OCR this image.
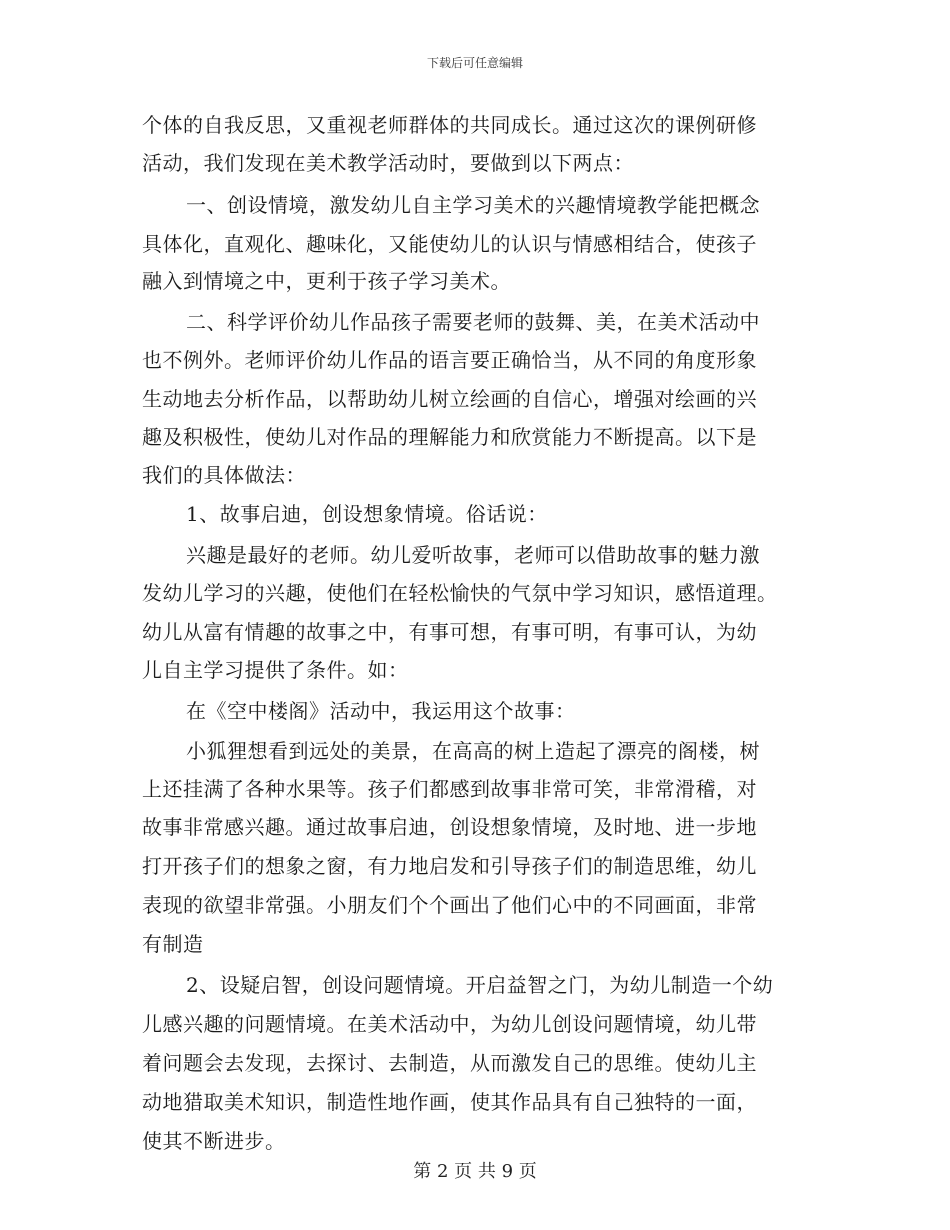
下载后可任意编辑
个体的自我反思，又重视老师群体的共同成长。通过这次的课例研修
活动，我们发现在美术教学活动时，要做到以下两点：
一、创设情境，激发幼儿自主学习美术的兴趣情境教学能把概念
具体化，直观化、趣味化，又能使幼儿的认识与情感相结合，使孩子
融入到情境之中，更利于孩子学习美术。
二、科学评价幼儿作品孩子需要老师的鼓舞、美，在美术活动中
也不例外。老师评价幼儿作品的语言要正确恰当，从不同的角度形象
生动地去分析作品，以帮助幼儿树立绘画的自信心，增强对绘画的兴
趣及积极性，使幼儿对作品的理解能力和欣赏能力不断提高。以下是
我们的具体做法：
1、故事启迪，创设想象情境。俗话说：
兴趣是最好的老师。幼儿爱听故事，老师可以借助故事的魅力激
发幼儿学习的兴趣，使他们在轻松愉快的气氛中学习知识，感悟道理。
幼儿从富有情趣的故事之中，有事可想，有事可明，有事可认，为幼
儿自主学习提供了条件。如：
在《空中楼阁》活动中，我运用这个故事：
小狐狸想看到远处的美景，在高高的树上造起了漂亮的阁楼，树
上还挂满了各种水果等。孩子们都感到故事非常可笑，非常滑稽，对
故事非常感兴趣。通过故事启迪，创设想象情境，及时地、进一步地
打开孩子们的想象之窗，有力地启发和引导孩子们的制造思维，幼儿
表现的欲望非常强。小朋友们个个画出了他们心中的不同画面，非常
有制造
2、设疑启智，创设问题情境。开启益智之门，为幼儿制造一个幼
儿感兴趣的问题情境。在美术活动中，为幼儿创设问题情境，幼儿带
着问题会去发现，去探讨、去制造，从而激发自己的思维。使幼儿主
动地猎取美术知识，制造性地作画，使其作品具有自己独特的一面，
使其不断进步。
第 2 页 共 9 页
